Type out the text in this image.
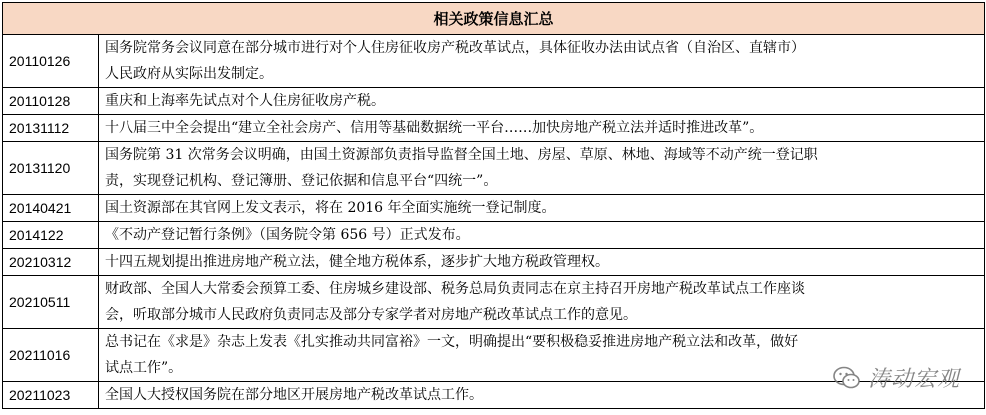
相关政策信息汇总	
20110126	国务院常务会议同意在部分城市进行对个人住房征收房产税改革试点，具体征收办法由试点省（自治区、直辖市）
人民政府从实际出发制定。

20110128	重庆和上海率先试点对个人住房征收房产税。

20131112	十八届三中全会提出“建立全社会房产、信用等基础数据统一平台……加快房地产税立法并适时推进改革”。

20131120	国务院第 31 次常务会议明确，由国土资源部负责指导监督全国土地、房屋、草原、林地、海域等不动产统一登记职
责，实现登记机构、登记簿册、登记依据和信息平台“四统一”。

20140421	国土资源部在其官网上发文表示，将在 2016 年全面实施统一登记制度。

2014122	《不动产登记暂行条例》（国务院令第 656 号）正式发布。

20210312	十四五规划提出推进房地产税立法，健全地方税体系，逐步扩大地方税政管理权。

20210511	财政部、全国人大常委会预算工委、住房城乡建设部、税务总局负责同志在京主持召开房地产税改革试点工作座谈
会，听取部分城市人民政府负责同志及部分专家学者对房地产税改革试点工作的意见。

20211016	总书记在《求是》杂志上发表《扎实推动共同富裕》一文，明确提出“要积极稳妥推进房地产税立法和改革，做好
试点工作”。

20211023	全国人大授权国务院在部分地区开展房地产税改革试点工作。
涛动宏观
